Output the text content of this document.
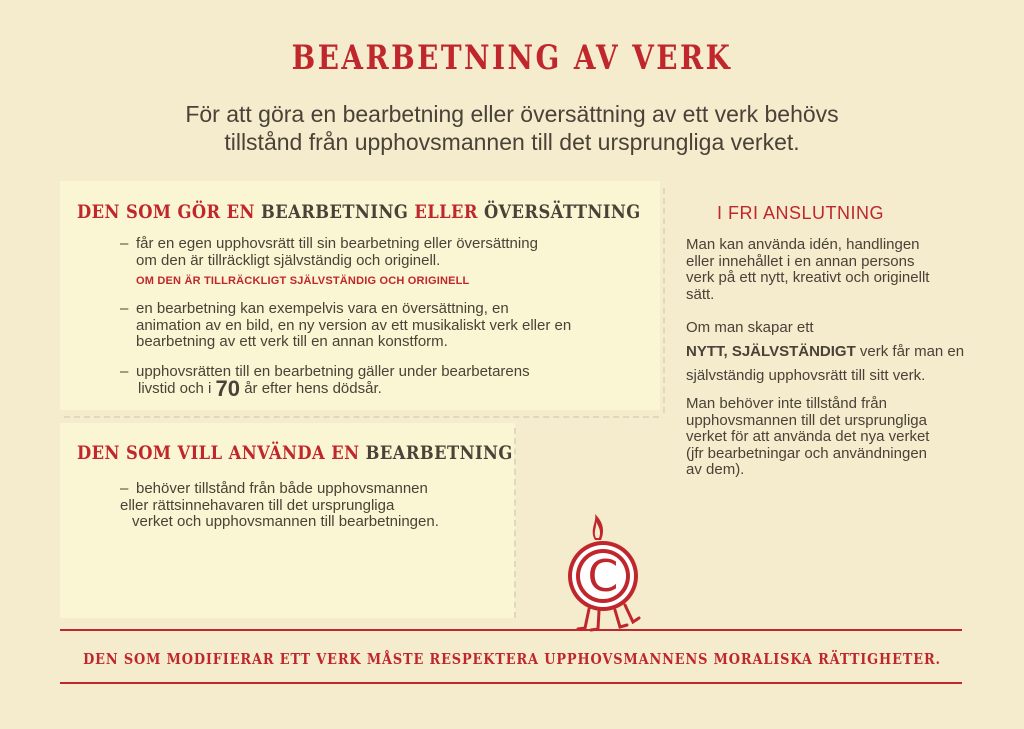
BEARBETNING AV VERK
För att göra en bearbetning eller översättning av ett verk behövs
tillstånd från upphovsmannen till det ursprungliga verket.
DEN SOM GÖR EN BEARBETNING ELLER ÖVERSÄTTNING
– får en egen upphovsrätt till sin bearbetning eller översättning
om den är tillräckligt självständig och originell.
OM DEN ÄR TILLRÄCKLIGT SJÄLVSTÄNDIG OCH ORIGINELL
– en bearbetning kan exempelvis vara en översättning, en
animation av en bild, en ny version av ett musikaliskt verk eller en
bearbetning av ett verk till en annan konstform.
– upphovsrätten till en bearbetning gäller under bearbetarens
livstid och i 70 år efter hens dödsår.
DEN SOM VILL ANVÄNDA EN BEARBETNING
– behöver tillstånd från både upphovsmannen
eller rättsinnehavaren till det ursprungliga
verket och upphovsmannen till bearbetningen.
I FRI ANSLUTNING
Man kan använda idén, handlingen
eller innehållet i en annan persons
verk på ett nytt, kreativt och originellt
sätt.
Om man skapar ett
NYTT, SJÄLVSTÄNDIGT verk får man en
självständig upphovsrätt till sitt verk.
Man behöver inte tillstånd från
upphovsmannen till det ursprungliga
verket för att använda det nya verket
(jfr bearbetningar och användningen
av dem).
C
DEN SOM MODIFIERAR ETT VERK MÅSTE RESPEKTERA UPPHOVSMANNENS MORALISKA RÄTTIGHETER.
